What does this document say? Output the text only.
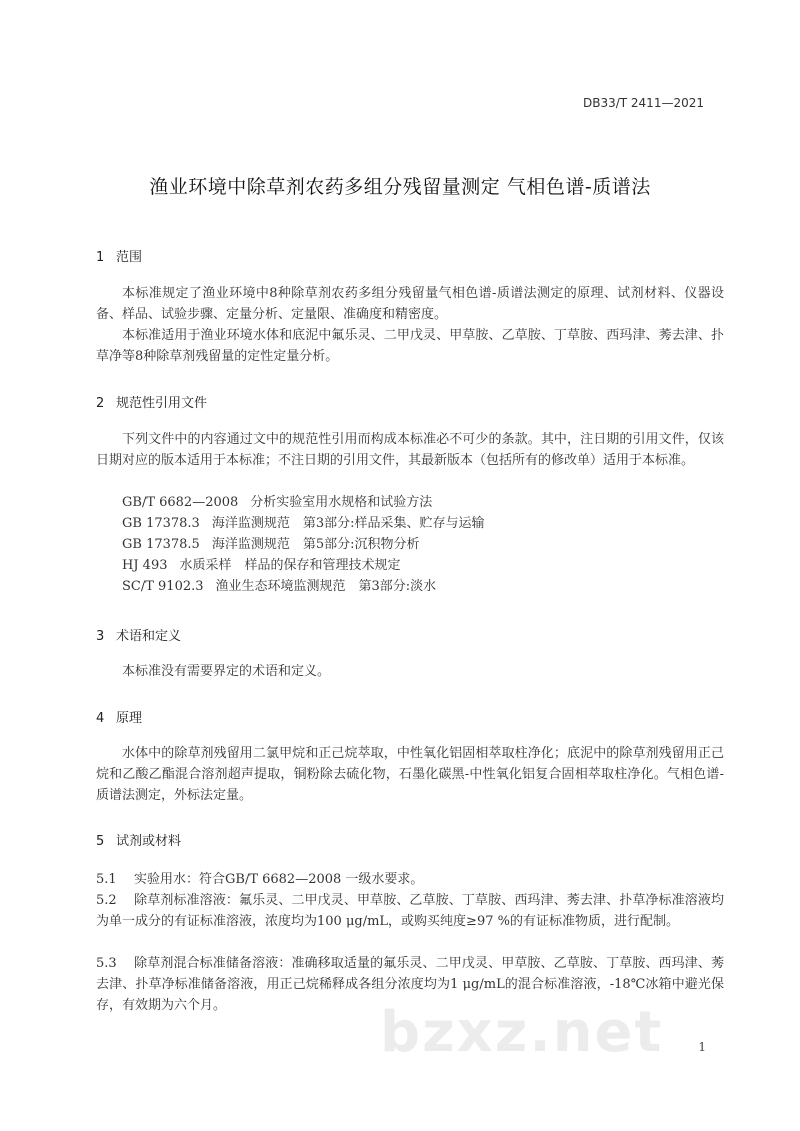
DB33/T 2411—2021
渔业环境中除草剂农药多组分残留量测定 气相色谱-质谱法
1 范围

本标准规定了渔业环境中8种除草剂农药多组分残留量气相色谱-质谱法测定的原理、试剂材料、仪器设备、样品、试验步骤、定量分析、定量限、准确度和精密度。

本标准适用于渔业环境水体和底泥中氟乐灵、二甲戊灵、甲草胺、乙草胺、丁草胺、西玛津、莠去津、扑草净等8种除草剂残留量的定性定量分析。

2 规范性引用文件

下列文件中的内容通过文中的规范性引用而构成本标准必不可少的条款。其中，注日期的引用文件，仅该日期对应的版本适用于本标准；不注日期的引用文件，其最新版本（包括所有的修改单）适用于本标准。

GB/T 6682—2008 分析实验室用水规格和试验方法
GB 17378.3 海洋监测规范　第3部分:样品采集、贮存与运输
GB 17378.5 海洋监测规范　第5部分:沉积物分析
HJ 493 水质采样　样品的保存和管理技术规定
SC/T 9102.3 渔业生态环境监测规范　第3部分:淡水
3 术语和定义

本标准没有需要界定的术语和定义。

4 原理

水体中的除草剂残留用二氯甲烷和正己烷萃取，中性氧化铝固相萃取柱净化；底泥中的除草剂残留用正己烷和乙酸乙酯混合溶剂超声提取，铜粉除去硫化物，石墨化碳黑-中性氧化铝复合固相萃取柱净化。气相色谱-质谱法测定，外标法定量。

5 试剂或材料

5.1 实验用水：符合GB/T 6682—2008 一级水要求。

5.2 除草剂标准溶液：氟乐灵、二甲戊灵、甲草胺、乙草胺、丁草胺、西玛津、莠去津、扑草净标准溶液均为单一成分的有证标准溶液，浓度均为100 μg/mL，或购买纯度≥97 %的有证标准物质，进行配制。

5.3 除草剂混合标准储备溶液：准确移取适量的氟乐灵、二甲戊灵、甲草胺、乙草胺、丁草胺、西玛津、莠去津、扑草净标准储备溶液，用正己烷稀释成各组分浓度均为1 μg/mL的混合标准溶液，-18℃冰箱中避光保存，有效期为六个月。	bzxz.net	1
